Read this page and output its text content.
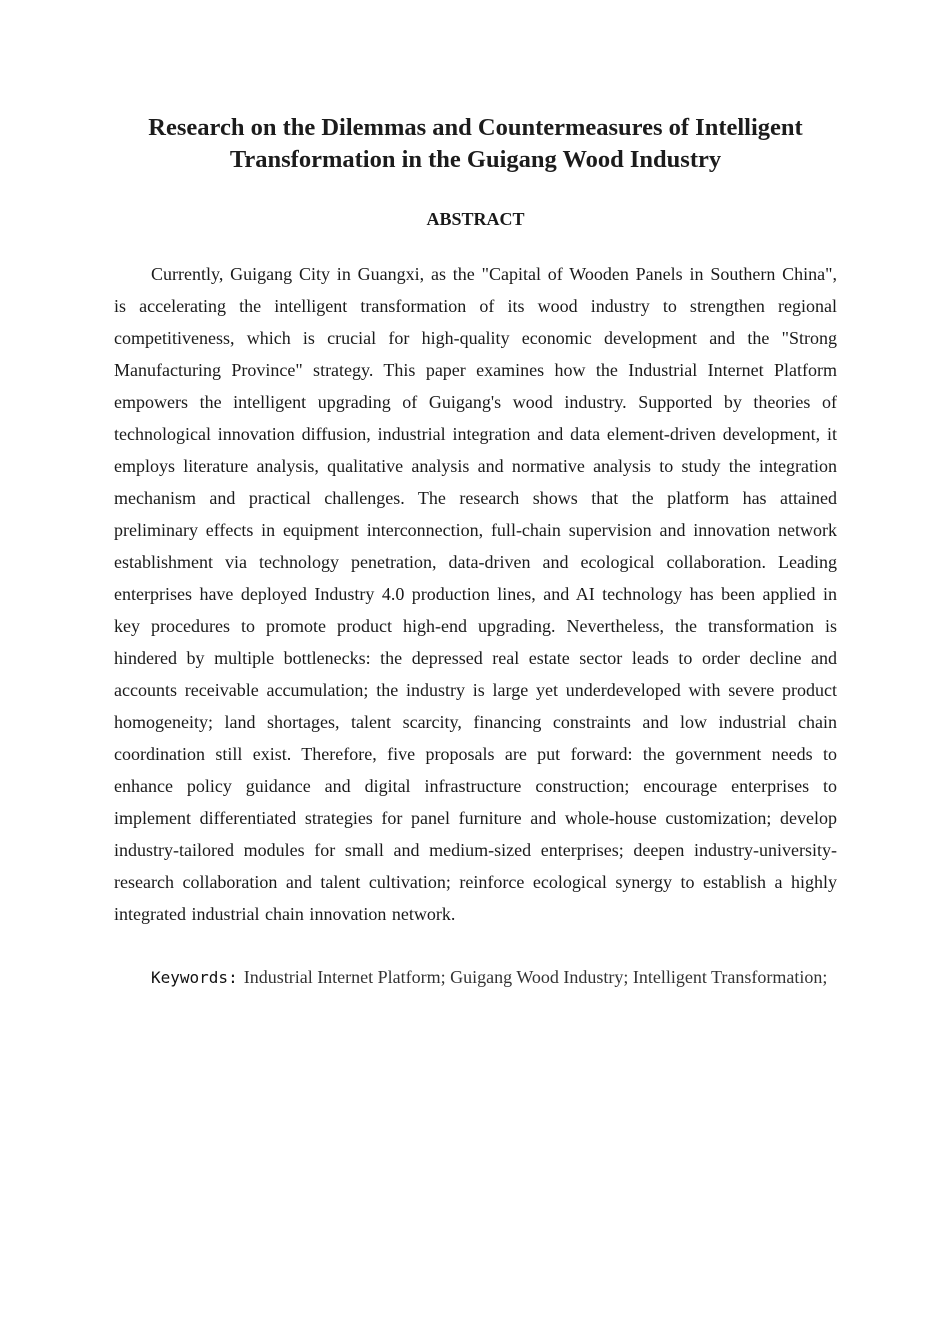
Research on the Dilemmas and Countermeasures of Intelligent
Transformation in the Guigang Wood Industry
ABSTRACT

Currently, Guigang City in Guangxi, as the "Capital of Wooden Panels in Southern China", is accelerating the intelligent transformation of its wood industry to strengthen regional competitiveness, which is crucial for high-quality economic development and the "Strong Manufacturing Province" strategy. This paper examines how the Industrial Internet Platform empowers the intelligent upgrading of Guigang's wood industry. Supported by theories of technological innovation diffusion, industrial integration and data element-driven development, it employs literature analysis, qualitative analysis and normative analysis to study the integration mechanism and practical challenges. The research shows that the platform has attained preliminary effects in equipment interconnection, full-chain supervision and innovation network establishment via technology penetration, data-driven and ecological collaboration. Leading enterprises have deployed Industry 4.0 production lines, and AI technology has been applied in key procedures to promote product high-end upgrading. Nevertheless, the transformation is hindered by multiple bottlenecks: the depressed real estate sector leads to order decline and accounts receivable accumulation; the industry is large yet underdeveloped with severe product homogeneity; land shortages, talent scarcity, financing constraints and low industrial chain coordination still exist. Therefore, five proposals are put forward: the government needs to enhance policy guidance and digital infrastructure construction; encourage enterprises to implement differentiated strategies for panel furniture and whole-house customization; develop industry-tailored modules for small and medium-sized enterprises; deepen industry-university-research collaboration and talent cultivation; reinforce ecological synergy to establish a highly integrated industrial chain innovation network.

Keywords: Industrial Internet Platform; Guigang Wood Industry; Intelligent Transformation;
